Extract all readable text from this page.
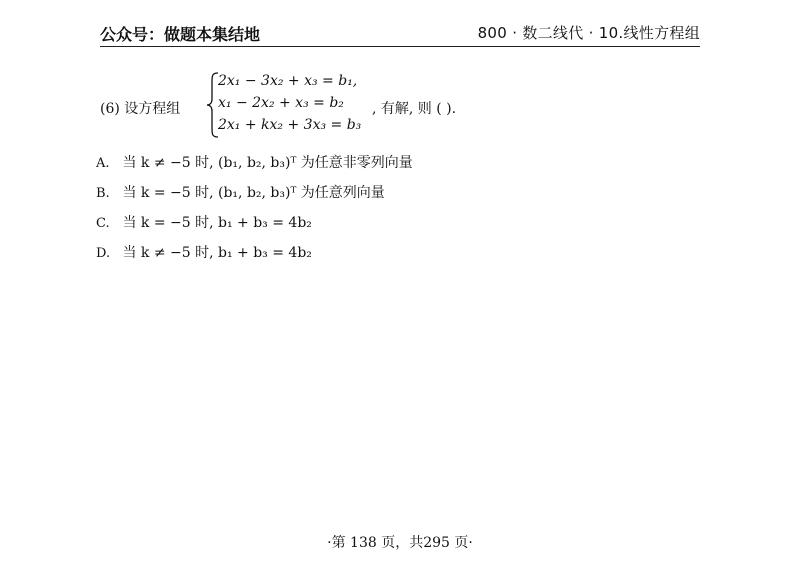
公众号：做题本集结地	800 · 数二线代 · 10.线性方程组
(6) 设方程组
2x₁ − 3x₂ + x₃ = b₁,
x₁ − 2x₂ + x₃ = b₂
2x₁ + kx₂ + 3x₃ = b₃
, 有解, 则 ( ).
A. 当 k ≠ −5 时, (b₁, b₂, b₃)ᵀ 为任意非零列向量
B. 当 k = −5 时, (b₁, b₂, b₃)ᵀ 为任意列向量
C. 当 k = −5 时, b₁ + b₃ = 4b₂
D. 当 k ≠ −5 时, b₁ + b₃ = 4b₂
·第 138 页，共295 页·
